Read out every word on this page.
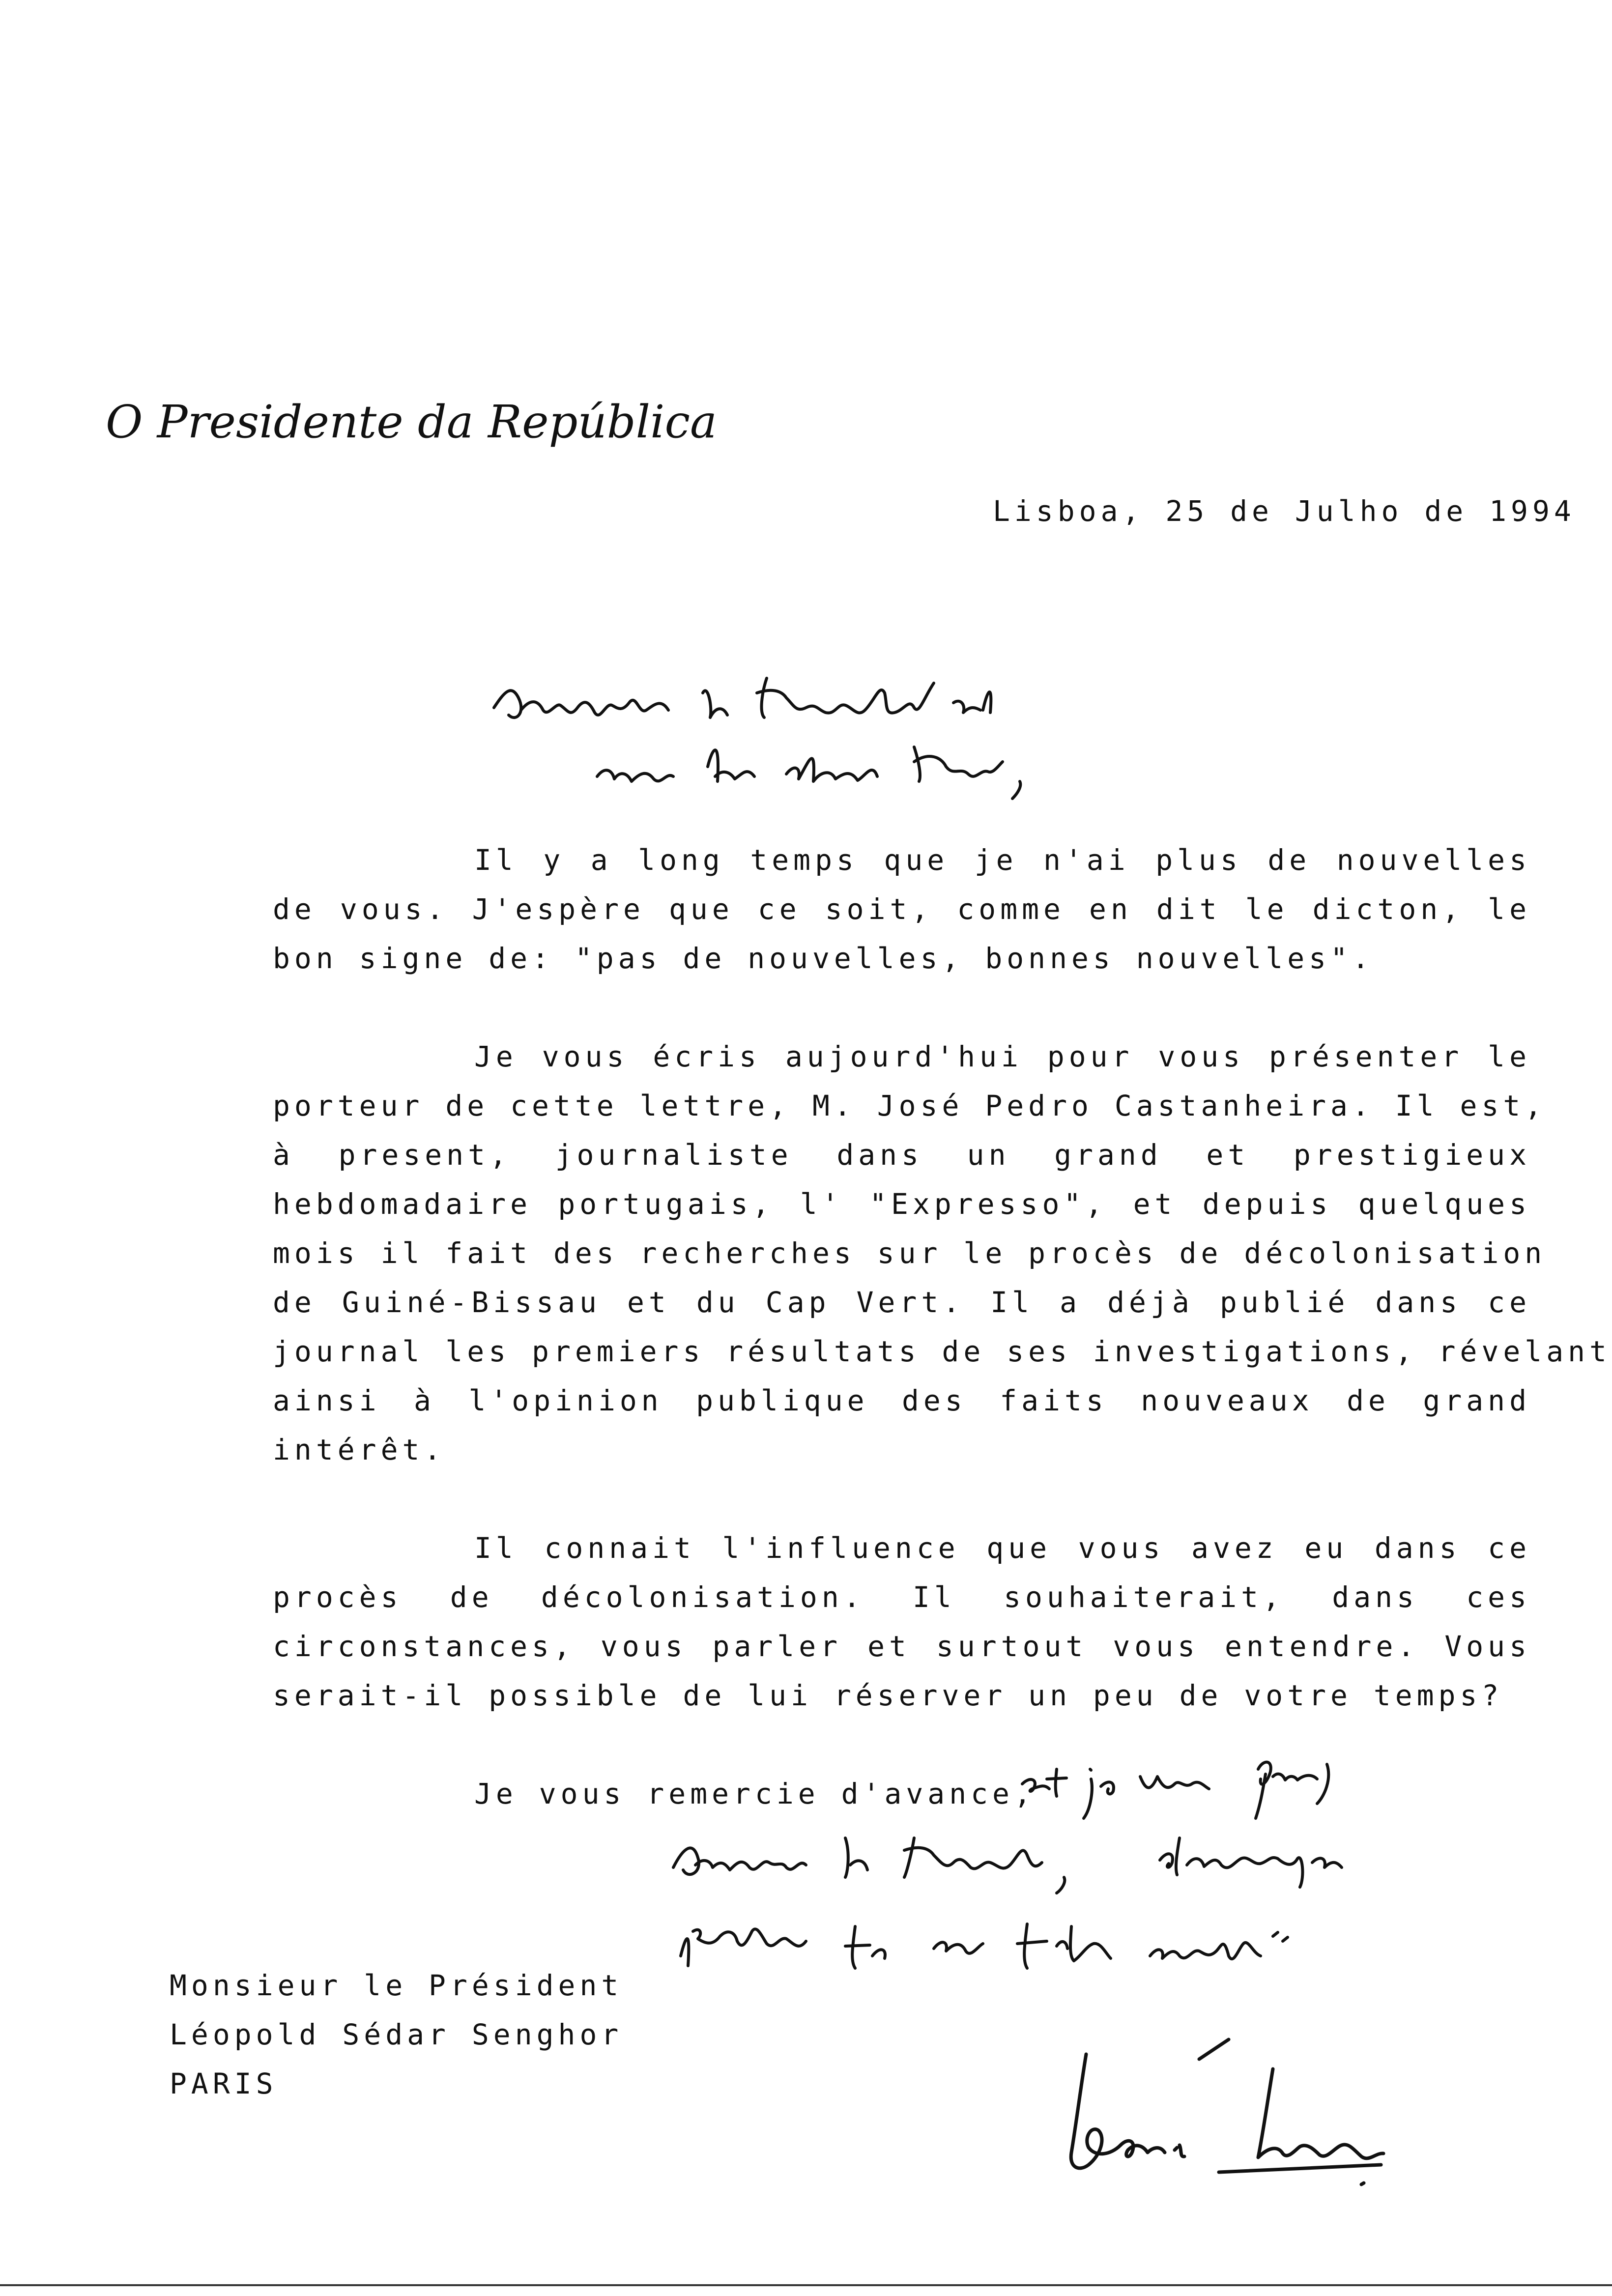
O Presidente da República
Lisboa, 25 de Julho de 1994
Il y a long temps que je n'ai plus de nouvelles
de vous. J'espère que ce soit, comme en dit le dicton, le
bon signe de: "pas de nouvelles, bonnes nouvelles".
Je vous écris aujourd'hui pour vous présenter le
porteur de cette lettre, M. José Pedro Castanheira. Il est,
à present, journaliste dans un grand et prestigieux
hebdomadaire portugais, l' "Expresso", et depuis quelques
mois il fait des recherches sur le procès de décolonisation
de Guiné-Bissau et du Cap Vert. Il a déjà publié dans ce
journal les premiers résultats de ses investigations, révelant
ainsi à l'opinion publique des faits nouveaux de grand
intérêt.
Il connait l'influence que vous avez eu dans ce
procès de décolonisation. Il souhaiterait, dans ces
circonstances, vous parler et surtout vous entendre. Vous
serait-il possible de lui réserver un peu de votre temps?
Je vous remercie d'avance,
Monsieur le Président
Léopold Sédar Senghor
PARIS
